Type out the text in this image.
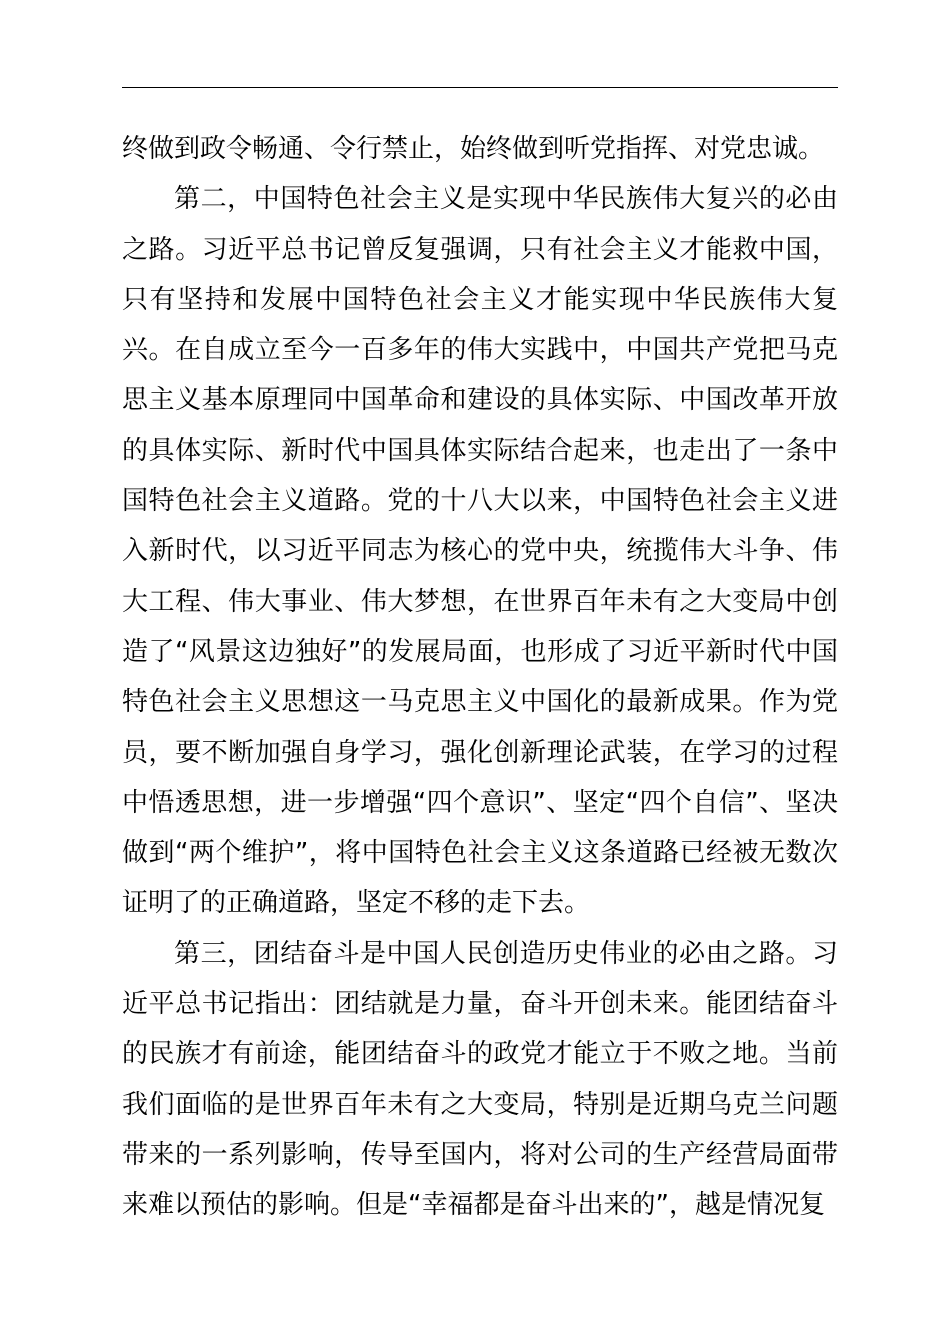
终做到政令畅通、令行禁止，始终做到听党指挥、对党忠诚。

第二，中国特色社会主义是实现中华民族伟大复兴的必由之路。习近平总书记曾反复强调，只有社会主义才能救中国，只有坚持和发展中国特色社会主义才能实现中华民族伟大复兴。在自成立至今一百多年的伟大实践中，中国共产党把马克思主义基本原理同中国革命和建设的具体实际、中国改革开放的具体实际、新时代中国具体实际结合起来，也走出了一条中国特色社会主义道路。党的十八大以来，中国特色社会主义进入新时代，以习近平同志为核心的党中央，统揽伟大斗争、伟大工程、伟大事业、伟大梦想，在世界百年未有之大变局中创造了“风景这边独好”的发展局面，也形成了习近平新时代中国特色社会主义思想这一马克思主义中国化的最新成果。作为党员，要不断加强自身学习，强化创新理论武装，在学习的过程中悟透思想，进一步增强“四个意识”、坚定“四个自信”、坚决做到“两个维护”，将中国特色社会主义这条道路已经被无数次证明了的正确道路，坚定不移的走下去。

第三，团结奋斗是中国人民创造历史伟业的必由之路。习近平总书记指出：团结就是力量，奋斗开创未来。能团结奋斗的民族才有前途，能团结奋斗的政党才能立于不败之地。当前我们面临的是世界百年未有之大变局，特别是近期乌克兰问题带来的一系列影响，传导至国内，将对公司的生产经营局面带来难以预估的影响。但是“幸福都是奋斗出来的”，越是情况复
